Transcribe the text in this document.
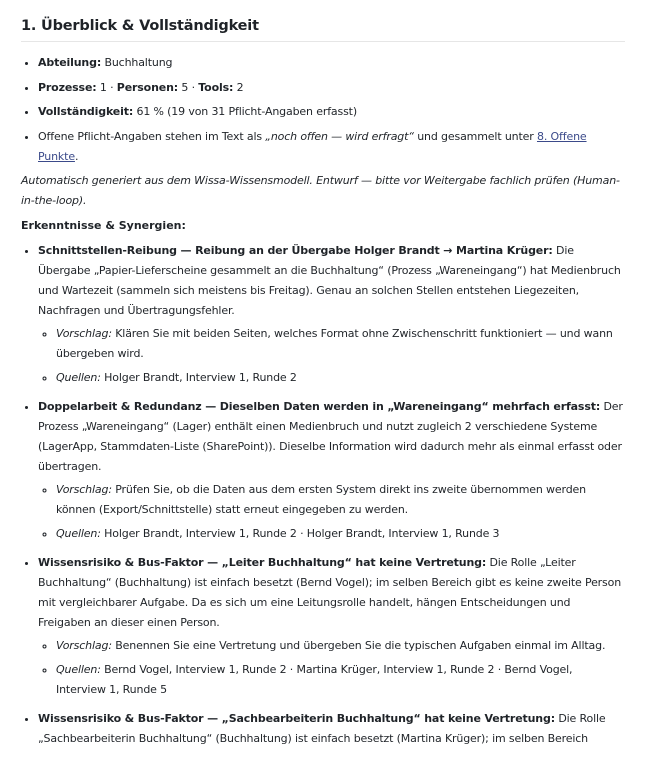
1. Überblick & Vollständigkeit
• Abteilung: Buchhaltung
• Prozesse: 1 · Personen: 5 · Tools: 2
• Vollständigkeit: 61 % (19 von 31 Pflicht-Angaben erfasst)
• Offene Pflicht-Angaben stehen im Text als „noch offen — wird erfragt“ und gesammelt unter 8. Offene Punkte.

Automatisch generiert aus dem Wissa-Wissensmodell. Entwurf — bitte vor Weitergabe fachlich prüfen (Human-in-the-loop).

Erkenntnisse & Synergien:
• Schnittstellen-Reibung — Reibung an der Übergabe Holger Brandt → Martina Krüger: Die Übergabe „Papier-Lieferscheine gesammelt an die Buchhaltung“ (Prozess „Wareneingang“) hat Medienbruch und Wartezeit (sammeln sich meistens bis Freitag). Genau an solchen Stellen entstehen Liegezeiten, Nachfragen und Übertragungsfehler.
◦ Vorschlag: Klären Sie mit beiden Seiten, welches Format ohne Zwischenschritt funktioniert — und wann übergeben wird.
◦ Quellen: Holger Brandt, Interview 1, Runde 2
• Doppelarbeit & Redundanz — Dieselben Daten werden in „Wareneingang“ mehrfach erfasst: Der Prozess „Wareneingang“ (Lager) enthält einen Medienbruch und nutzt zugleich 2 verschiedene Systeme (LagerApp, Stammdaten-Liste (SharePoint)). Dieselbe Information wird dadurch mehr als einmal erfasst oder übertragen.
◦ Vorschlag: Prüfen Sie, ob die Daten aus dem ersten System direkt ins zweite übernommen werden können (Export/Schnittstelle) statt erneut eingegeben zu werden.
◦ Quellen: Holger Brandt, Interview 1, Runde 2 · Holger Brandt, Interview 1, Runde 3
• Wissensrisiko & Bus-Faktor — „Leiter Buchhaltung“ hat keine Vertretung: Die Rolle „Leiter Buchhaltung“ (Buchhaltung) ist einfach besetzt (Bernd Vogel); im selben Bereich gibt es keine zweite Person mit vergleichbarer Aufgabe. Da es sich um eine Leitungsrolle handelt, hängen Entscheidungen und Freigaben an dieser einen Person.
◦ Vorschlag: Benennen Sie eine Vertretung und übergeben Sie die typischen Aufgaben einmal im Alltag.
◦ Quellen: Bernd Vogel, Interview 1, Runde 2 · Martina Krüger, Interview 1, Runde 2 · Bernd Vogel, Interview 1, Runde 5
• Wissensrisiko & Bus-Faktor — „Sachbearbeiterin Buchhaltung“ hat keine Vertretung: Die Rolle „Sachbearbeiterin Buchhaltung“ (Buchhaltung) ist einfach besetzt (Martina Krüger); im selben Bereich
